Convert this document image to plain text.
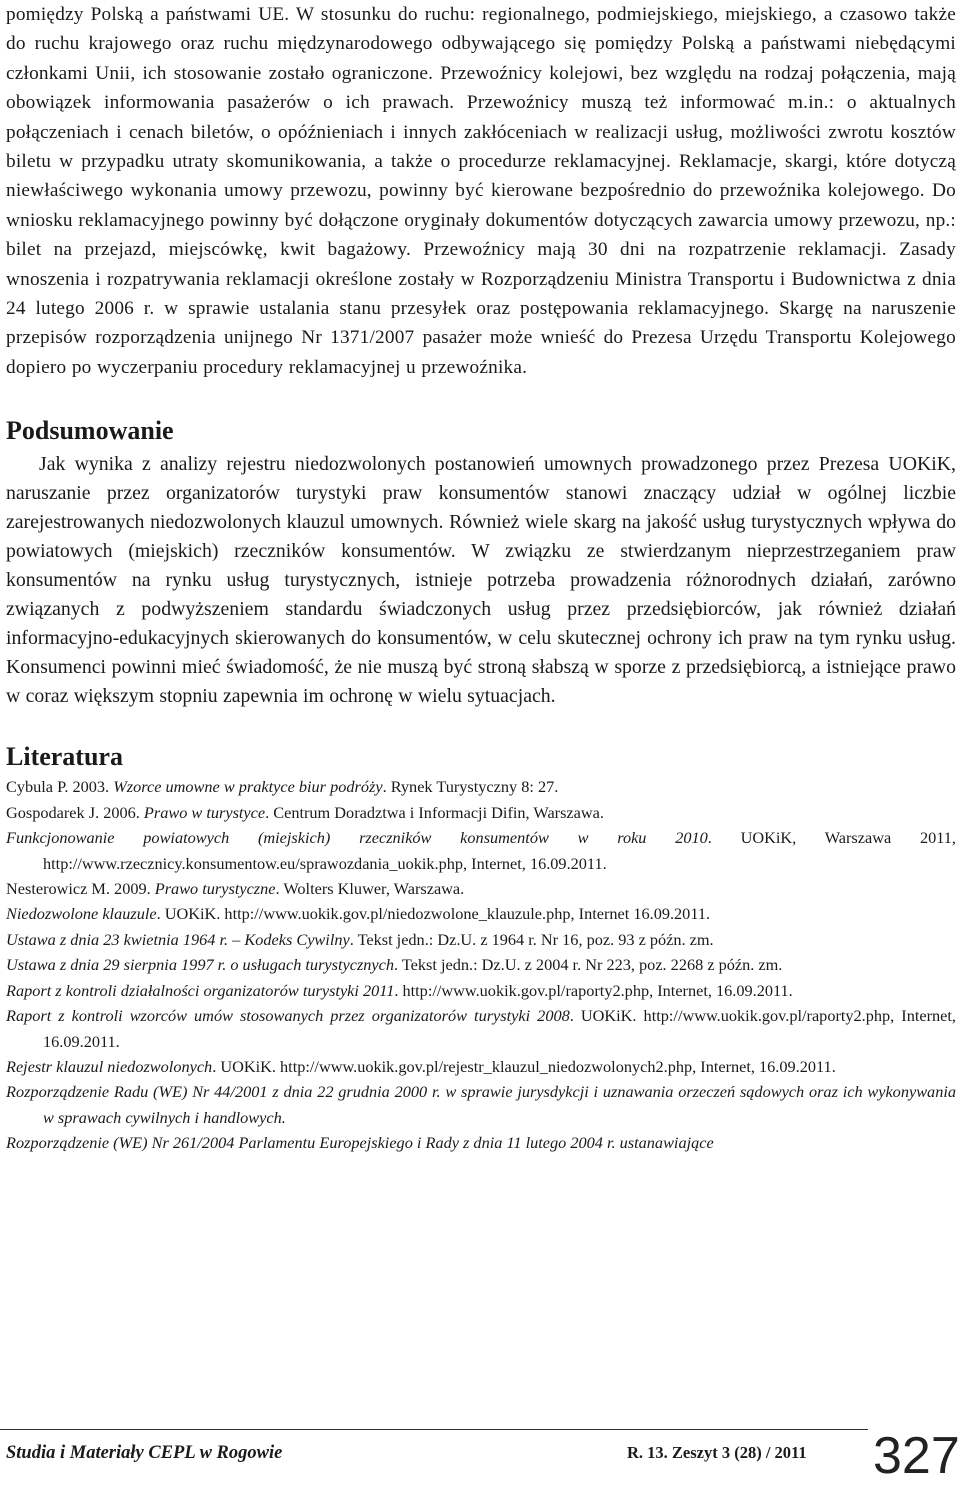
pomiędzy Polską a państwami UE. W stosunku do ruchu: regionalnego, podmiejskiego, miejskiego, a czasowo także do ruchu krajowego oraz ruchu międzynarodowego odbywającego się pomiędzy Polską a państwami niebędącymi członkami Unii, ich stosowanie zostało ograniczone. Przewoźnicy kolejowi, bez względu na rodzaj połączenia, mają obowiązek informowania pasażerów o ich prawach. Przewoźnicy muszą też informować m.in.: o aktualnych połączeniach i cenach biletów, o opóźnieniach i innych zakłóceniach w realizacji usług, możliwości zwrotu kosztów biletu w przypadku utraty skomunikowania, a także o procedurze reklamacyjnej. Reklamacje, skargi, które dotyczą niewłaściwego wykonania umowy przewozu, powinny być kierowane bezpośrednio do przewoźnika kolejowego. Do wniosku reklamacyjnego powinny być dołączone oryginały dokumentów dotyczących zawarcia umowy przewozu, np.: bilet na przejazd, miejscówkę, kwit bagażowy. Przewoźnicy mają 30 dni na rozpatrzenie reklamacji. Zasady wnoszenia i rozpatrywania reklamacji określone zostały w Rozporządzeniu Ministra Transportu i Budownictwa z dnia 24 lutego 2006 r. w sprawie ustalania stanu przesyłek oraz postępowania reklamacyjnego. Skargę na naruszenie przepisów rozporządzenia unijnego Nr 1371/2007 pasażer może wnieść do Prezesa Urzędu Transportu Kolejowego dopiero po wyczerpaniu procedury reklamacyjnej u przewoźnika.

Podsumowanie

Jak wynika z analizy rejestru niedozwolonych postanowień umownych prowadzonego przez Prezesa UOKiK, naruszanie przez organizatorów turystyki praw konsumentów stanowi znaczący udział w ogólnej liczbie zarejestrowanych niedozwolonych klauzul umownych. Również wiele skarg na jakość usług turystycznych wpływa do powiatowych (miejskich) rzeczników konsumentów. W związku ze stwierdzanym nieprzestrzeganiem praw konsumentów na rynku usług turystycznych, istnieje potrzeba prowadzenia różnorodnych działań, zarówno związanych z podwyższeniem standardu świadczonych usług przez przedsiębiorców, jak również działań informacyjno-edukacyjnych skierowanych do konsumentów, w celu skutecznej ochrony ich praw na tym rynku usług. Konsumenci powinni mieć świadomość, że nie muszą być stroną słabszą w sporze z przedsiębiorcą, a istniejące prawo w coraz większym stopniu zapewnia im ochronę w wielu sytuacjach.

Literatura
Cybula P. 2003. Wzorce umowne w praktyce biur podróży. Rynek Turystyczny 8: 27.
Gospodarek J. 2006. Prawo w turystyce. Centrum Doradztwa i Informacji Difin, Warszawa.
Funkcjonowanie powiatowych (miejskich) rzeczników konsumentów w roku 2010. UOKiK, Warszawa 2011, http://www.rzecznicy.konsumentow.eu/sprawozdania_uokik.php, Internet, 16.09.2011.
Nesterowicz M. 2009. Prawo turystyczne. Wolters Kluwer, Warszawa.
Niedozwolone klauzule. UOKiK. http://www.uokik.gov.pl/niedozwolone_klauzule.php, Internet 16.09.2011.
Ustawa z dnia 23 kwietnia 1964 r. – Kodeks Cywilny. Tekst jedn.: Dz.U. z 1964 r. Nr 16, poz. 93 z późn. zm.
Ustawa z dnia 29 sierpnia 1997 r. o usługach turystycznych. Tekst jedn.: Dz.U. z 2004 r. Nr 223, poz. 2268 z późn. zm.
Raport z kontroli działalności organizatorów turystyki 2011. http://www.uokik.gov.pl/raporty2.php, Internet, 16.09.2011.
Raport z kontroli wzorców umów stosowanych przez organizatorów turystyki 2008. UOKiK. http://www.uokik.gov.pl/raporty2.php, Internet, 16.09.2011.
Rejestr klauzul niedozwolonych. UOKiK. http://www.uokik.gov.pl/rejestr_klauzul_niedozwolonych2.php, Internet, 16.09.2011.
Rozporządzenie Radu (WE) Nr 44/2001 z dnia 22 grudnia 2000 r. w sprawie jurysdykcji i uznawania orzeczeń sądowych oraz ich wykonywania w sprawach cywilnych i handlowych.
Rozporządzenie (WE) Nr 261/2004 Parlamentu Europejskiego i Rady z dnia 11 lutego 2004 r. ustanawiające
Studia i Materiały CEPL w Rogowie	R. 13. Zeszyt 3 (28) / 2011 327
